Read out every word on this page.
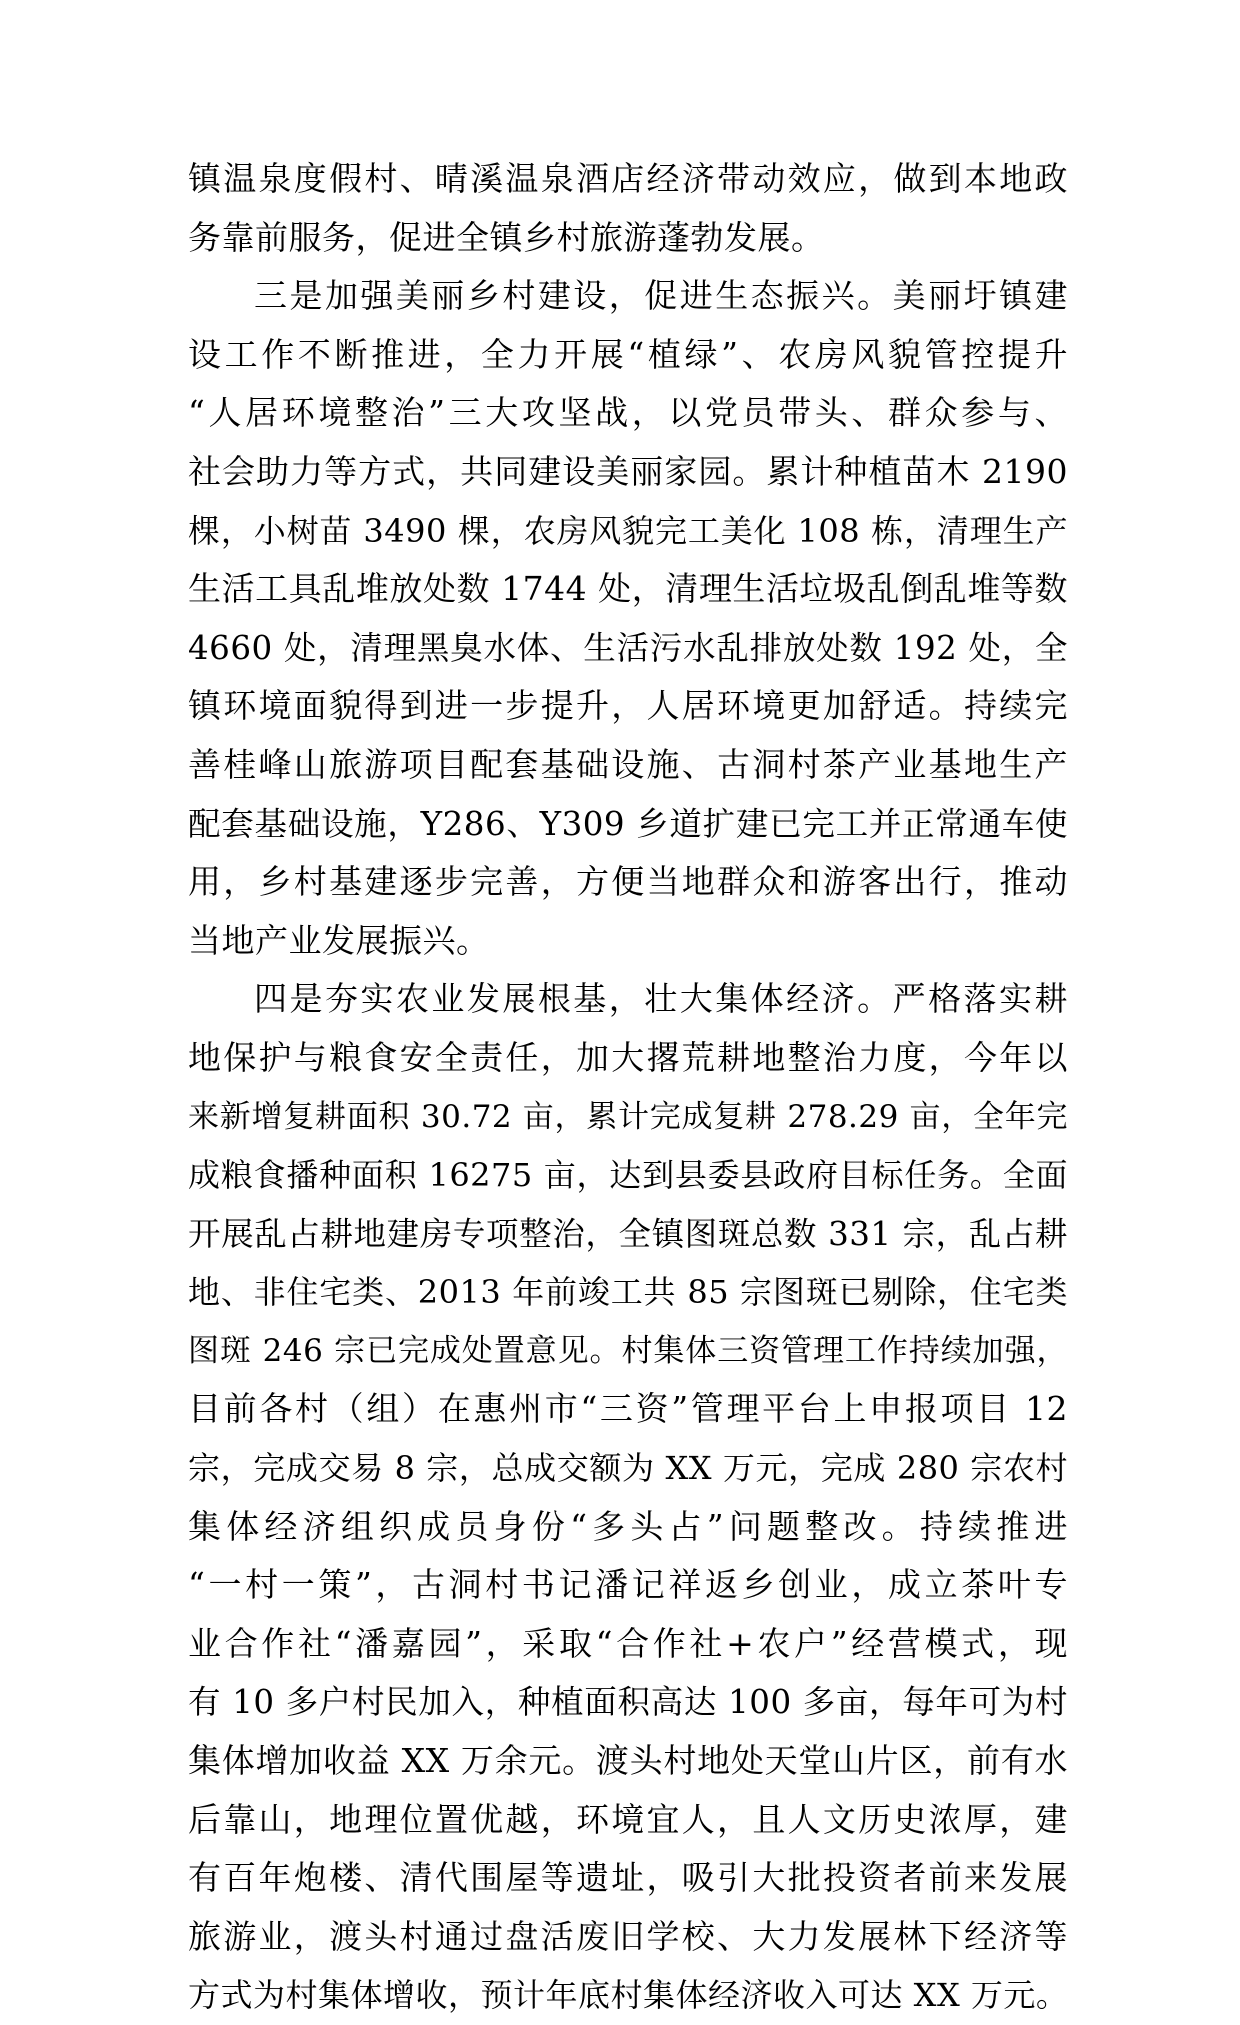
镇温泉度假村、晴溪温泉酒店经济带动效应，做到本地政
务靠前服务，促进全镇乡村旅游蓬勃发展。
三是加强美丽乡村建设，促进生态振兴。美丽圩镇建
设工作不断推进，全力开展“植绿”、农房风貌管控提升
“人居环境整治”三大攻坚战，以党员带头、群众参与、
社会助力等方式，共同建设美丽家园。累计种植苗木 2190
棵，小树苗 3490 棵，农房风貌完工美化 108 栋，清理生产
生活工具乱堆放处数 1744 处，清理生活垃圾乱倒乱堆等数
4660 处，清理黑臭水体、生活污水乱排放处数 192 处，全
镇环境面貌得到进一步提升，人居环境更加舒适。持续完
善桂峰山旅游项目配套基础设施、古洞村茶产业基地生产
配套基础设施，Y286、Y309 乡道扩建已完工并正常通车使
用，乡村基建逐步完善，方便当地群众和游客出行，推动
当地产业发展振兴。
四是夯实农业发展根基，壮大集体经济。严格落实耕
地保护与粮食安全责任，加大撂荒耕地整治力度，今年以
来新增复耕面积 30.72 亩，累计完成复耕 278.29 亩，全年完
成粮食播种面积 16275 亩，达到县委县政府目标任务。全面
开展乱占耕地建房专项整治，全镇图斑总数 331 宗，乱占耕
地、非住宅类、2013 年前竣工共 85 宗图斑已剔除，住宅类
图斑 246 宗已完成处置意见。村集体三资管理工作持续加强，
目前各村（组）在惠州市“三资”管理平台上申报项目 12
宗，完成交易 8 宗，总成交额为 XX 万元，完成 280 宗农村
集体经济组织成员身份“多头占”问题整改。持续推进
“一村一策”，古洞村书记潘记祥返乡创业，成立茶叶专
业合作社“潘嘉园”，采取“合作社+农户”经营模式，现
有 10 多户村民加入，种植面积高达 100 多亩，每年可为村
集体增加收益 XX 万余元。渡头村地处天堂山片区，前有水
后靠山，地理位置优越，环境宜人，且人文历史浓厚，建
有百年炮楼、清代围屋等遗址，吸引大批投资者前来发展
旅游业，渡头村通过盘活废旧学校、大力发展林下经济等
方式为村集体增收，预计年底村集体经济收入可达 XX 万元。
